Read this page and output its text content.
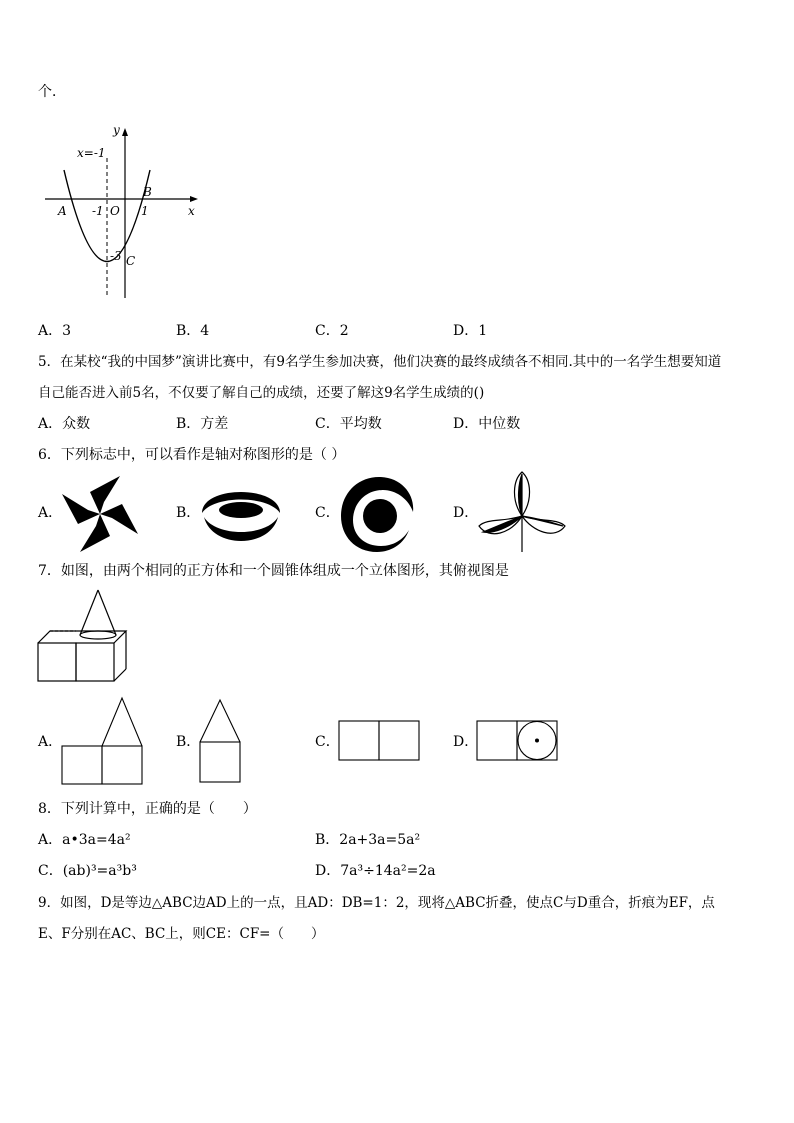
个．
y
x
x=-1
A -1 O 1
B
-3 C
A．3	B．4	C．2	D．1
5．在某校“我的中国梦”演讲比赛中，有9名学生参加决赛，他们决赛的最终成绩各不相同.其中的一名学生想要知道
自己能否进入前5名，不仅要了解自己的成绩，还要了解这9名学生成绩的()
A．众数	B．方差	C．平均数	D．中位数
6．下列标志中，可以看作是轴对称图形的是（ ）
A．	B．	C．	D．
7．如图，由两个相同的正方体和一个圆锥体组成一个立体图形，其俯视图是
A．	B．	C．	D．
8．下列计算中，正确的是（　　）
A．a•3a=4a²	B．2a+3a=5a²
C．(ab)³=a³b³	D．7a³÷14a²=2a
9．如图，D是等边△ABC边AD上的一点，且AD：DB=1：2，现将△ABC折叠，使点C与D重合，折痕为EF，点
E、F分别在AC、BC上，则CE：CF=（　　）
